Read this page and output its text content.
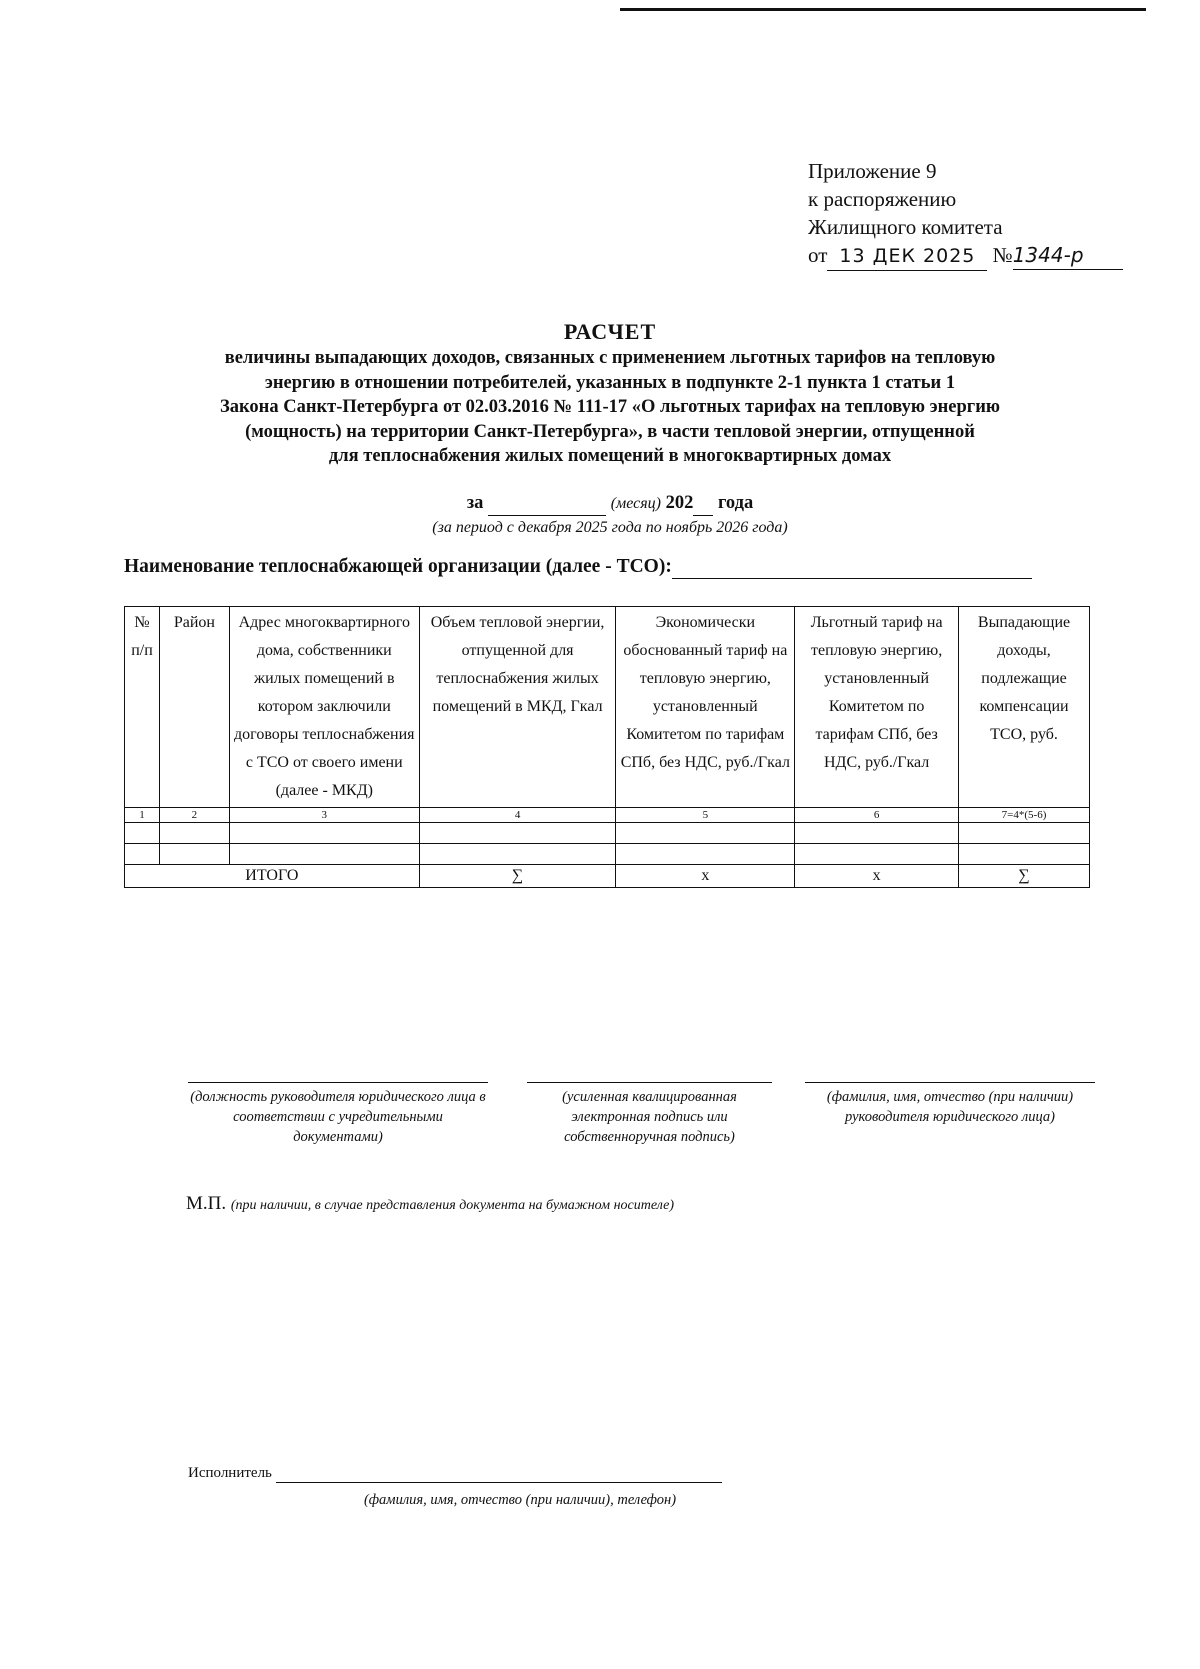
Приложение 9
к распоряжению
Жилищного комитета
от 13 ДЕК 2025 №1344-р
РАСЧЕТ
величины выпадающих доходов, связанных с применением льготных тарифов на тепловую
энергию в отношении потребителей, указанных в подпункте 2-1 пункта 1 статьи 1
Закона Санкт-Петербурга от 02.03.2016 № 111-17 «О льготных тарифах на тепловую энергию
(мощность) на территории Санкт-Петербурга», в части тепловой энергии, отпущенной
для теплоснабжения жилых помещений в многоквартирных домах
за	(месяц) 202 года
(за период с декабря 2025 года по ноябрь 2026 года)
Наименование теплоснабжающей организации (далее - ТСО):
№ п/п	Район	Адрес многоквартирного дома, собственники жилых помещений в котором заключили договоры теплоснабжения с ТСО от своего имени (далее - МКД)	Объем тепловой энергии, отпущенной для теплоснабжения жилых помещений в МКД, Гкал	Экономически обоснованный тариф на тепловую энергию, установленный Комитетом по тарифам СПб, без НДС, руб./Гкал	Льготный тариф на тепловую энергию, установленный Комитетом по тарифам СПб, без НДС, руб./Гкал	Выпадающие доходы, подлежащие компенсации ТСО, руб.
1	2	3	4	5	6	7=4*(5-6)

ИТОГО			∑	x	x	∑
(должность руководителя юридического лица в соответствии с учредительными документами)
(усиленная квалицированная электронная подпись или собственноручная подпись)
(фамилия, имя, отчество (при наличии) руководителя юридического лица)
М.П. (при наличии, в случае представления документа на бумажном носителе)
Исполнитель
(фамилия, имя, отчество (при наличии), телефон)
